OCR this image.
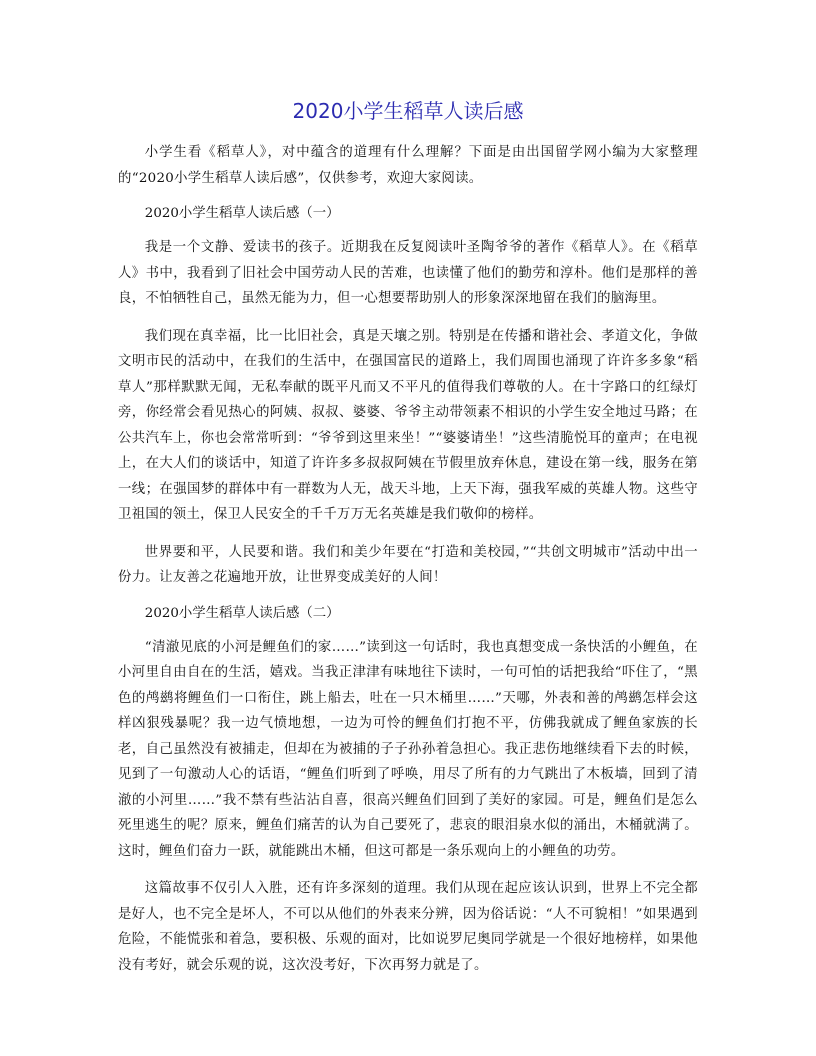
2020小学生稻草人读后感

小学生看《稻草人》，对中蕴含的道理有什么理解？下面是由出国留学网小编为大家整理的“2020小学生稻草人读后感”，仅供参考，欢迎大家阅读。

2020小学生稻草人读后感（一）

我是一个文静、爱读书的孩子。近期我在反复阅读叶圣陶爷爷的著作《稻草人》。在《稻草人》书中，我看到了旧社会中国劳动人民的苦难，也读懂了他们的勤劳和淳朴。他们是那样的善良，不怕牺牲自己，虽然无能为力，但一心想要帮助别人的形象深深地留在我们的脑海里。

我们现在真幸福，比一比旧社会，真是天壤之别。特别是在传播和谐社会、孝道文化，争做文明市民的活动中，在我们的生活中，在强国富民的道路上，我们周围也涌现了许许多多象“稻草人”那样默默无闻，无私奉献的既平凡而又不平凡的值得我们尊敬的人。在十字路口的红绿灯旁，你经常会看见热心的阿姨、叔叔、婆婆、爷爷主动带领素不相识的小学生安全地过马路；在公共汽车上，你也会常常听到：“爷爷到这里来坐！”“婆婆请坐！”这些清脆悦耳的童声；在电视上，在大人们的谈话中，知道了许许多多叔叔阿姨在节假里放弃休息，建设在第一线，服务在第一线；在强国梦的群体中有一群数为人无，战天斗地，上天下海，强我军威的英雄人物。这些守卫祖国的领土，保卫人民安全的千千万万无名英雄是我们敬仰的榜样。

世界要和平，人民要和谐。我们和美少年要在“打造和美校园，”“共创文明城市”活动中出一份力。让友善之花遍地开放，让世界变成美好的人间！

2020小学生稻草人读后感（二）

“清澈见底的小河是鲤鱼们的家……”读到这一句话时，我也真想变成一条快活的小鲤鱼，在小河里自由自在的生活，嬉戏。当我正津津有味地往下读时，一句可怕的话把我给“吓住了，“黑色的鸬鹚将鲤鱼们一口衔住，跳上船去，吐在一只木桶里……”天哪，外表和善的鸬鹚怎样会这样凶狠残暴呢？我一边气愤地想，一边为可怜的鲤鱼们打抱不平，仿佛我就成了鲤鱼家族的长老，自己虽然没有被捕走，但却在为被捕的子子孙孙着急担心。我正悲伤地继续看下去的时候，见到了一句激动人心的话语，“鲤鱼们听到了呼唤，用尽了所有的力气跳出了木板墙，回到了清澈的小河里……”我不禁有些沾沾自喜，很高兴鲤鱼们回到了美好的家园。可是，鲤鱼们是怎么死里逃生的呢？原来，鲤鱼们痛苦的认为自己要死了，悲哀的眼泪泉水似的涌出，木桶就满了。这时，鲤鱼们奋力一跃，就能跳出木桶，但这可都是一条乐观向上的小鲤鱼的功劳。

这篇故事不仅引人入胜，还有许多深刻的道理。我们从现在起应该认识到，世界上不完全都是好人，也不完全是坏人，不可以从他们的外表来分辨，因为俗话说：“人不可貌相！”如果遇到危险，不能慌张和着急，要积极、乐观的面对，比如说罗尼奥同学就是一个很好地榜样，如果他没有考好，就会乐观的说，这次没考好，下次再努力就是了。
